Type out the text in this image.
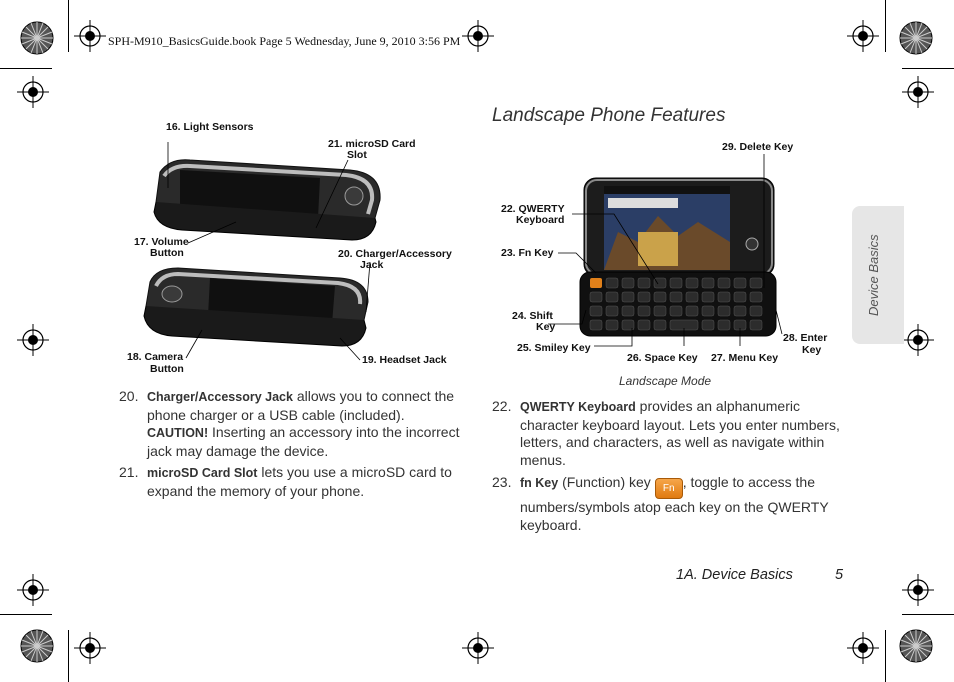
SPH-M910_BasicsGuide.book Page 5 Wednesday, June 9, 2010 3:56 PM
16. Light Sensors
21. microSD Card
Slot
17. Volume
Button	20. Charger/Accessory
Jack
18. Camera
Button
19. Headset Jack
20. Charger/Accessory Jack allows you to connect the phone charger or a USB cable (included).
CAUTION! Inserting an accessory into the incorrect jack may damage the device.
21. microSD Card Slot lets you use a microSD card to expand the memory of your phone.
Landscape Phone Features
29. Delete Key
22. QWERTY
Keyboard
23. Fn Key
24. Shift
Key
25. Smiley Key
26. Space Key 27. Menu Key
28. Enter
Key
Landscape Mode
22. QWERTY Keyboard provides an alphanumeric character keyboard layout. Lets you enter numbers, letters, and characters, as well as navigate within menus.
23. fn Key (Function) key Fn , toggle to access the numbers/symbols atop each key on the QWERTY keyboard.
Device Basics
1A. Device Basics	5
